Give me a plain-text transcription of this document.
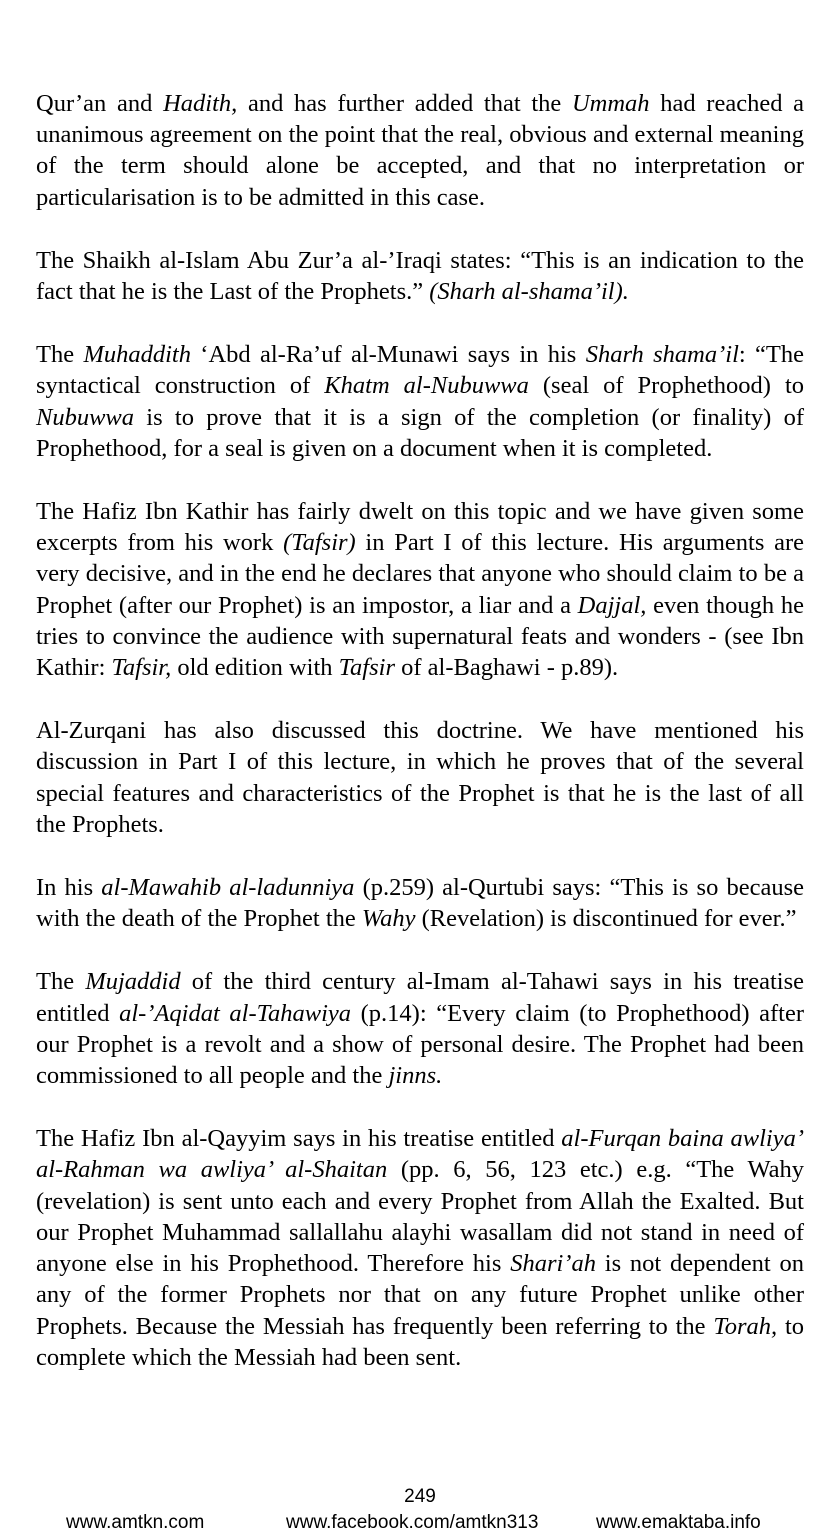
Qur’an and Hadith, and has further added that the Ummah had reached a unanimous agreement on the point that the real, obvious and external meaning of the term should alone be accepted, and that no interpretation or particularisation is to be admitted in this case.

The Shaikh al-Islam Abu Zur’a al-’Iraqi states: “This is an indication to the fact that he is the Last of the Prophets.” (Sharh al-shama’il).

The Muhaddith ‘Abd al-Ra’uf al-Munawi says in his Sharh shama’il: “The syntactical construction of Khatm al-Nubuwwa (seal of Prophethood) to Nubuwwa is to prove that it is a sign of the completion (or finality) of Prophethood, for a seal is given on a document when it is completed.

The Hafiz Ibn Kathir has fairly dwelt on this topic and we have given some excerpts from his work (Tafsir) in Part I of this lecture. His arguments are very decisive, and in the end he declares that anyone who should claim to be a Prophet (after our Prophet) is an impostor, a liar and a Dajjal, even though he tries to convince the audience with supernatural feats and wonders - (see Ibn Kathir: Tafsir, old edition with Tafsir of al-Baghawi - p.89).

Al-Zurqani has also discussed this doctrine. We have mentioned his discussion in Part I of this lecture, in which he proves that of the several special features and characteristics of the Prophet is that he is the last of all the Prophets.

In his al-Mawahib al-ladunniya (p.259) al-Qurtubi says: “This is so because with the death of the Prophet the Wahy (Revelation) is discontinued for ever.”

The Mujaddid of the third century al-Imam al-Tahawi says in his treatise entitled al-’Aqidat al-Tahawiya (p.14): “Every claim (to Prophethood) after our Prophet is a revolt and a show of personal desire. The Prophet had been commissioned to all people and the jinns.

The Hafiz Ibn al-Qayyim says in his treatise entitled al-Furqan baina awliya’ al-Rahman wa awliya’ al-Shaitan (pp. 6, 56, 123 etc.) e.g. “The Wahy (revelation) is sent unto each and every Prophet from Allah the Exalted. But our Prophet Muhammad sallallahu alayhi wasallam did not stand in need of anyone else in his Prophethood. Therefore his Shari’ah is not dependent on any of the former Prophets nor that on any future Prophet unlike other Prophets. Because the Messiah has frequently been referring to the Torah, to complete which the Messiah had been sent.

249
www.amtkn.com	www.facebook.com/amtkn313	www.emaktaba.info
